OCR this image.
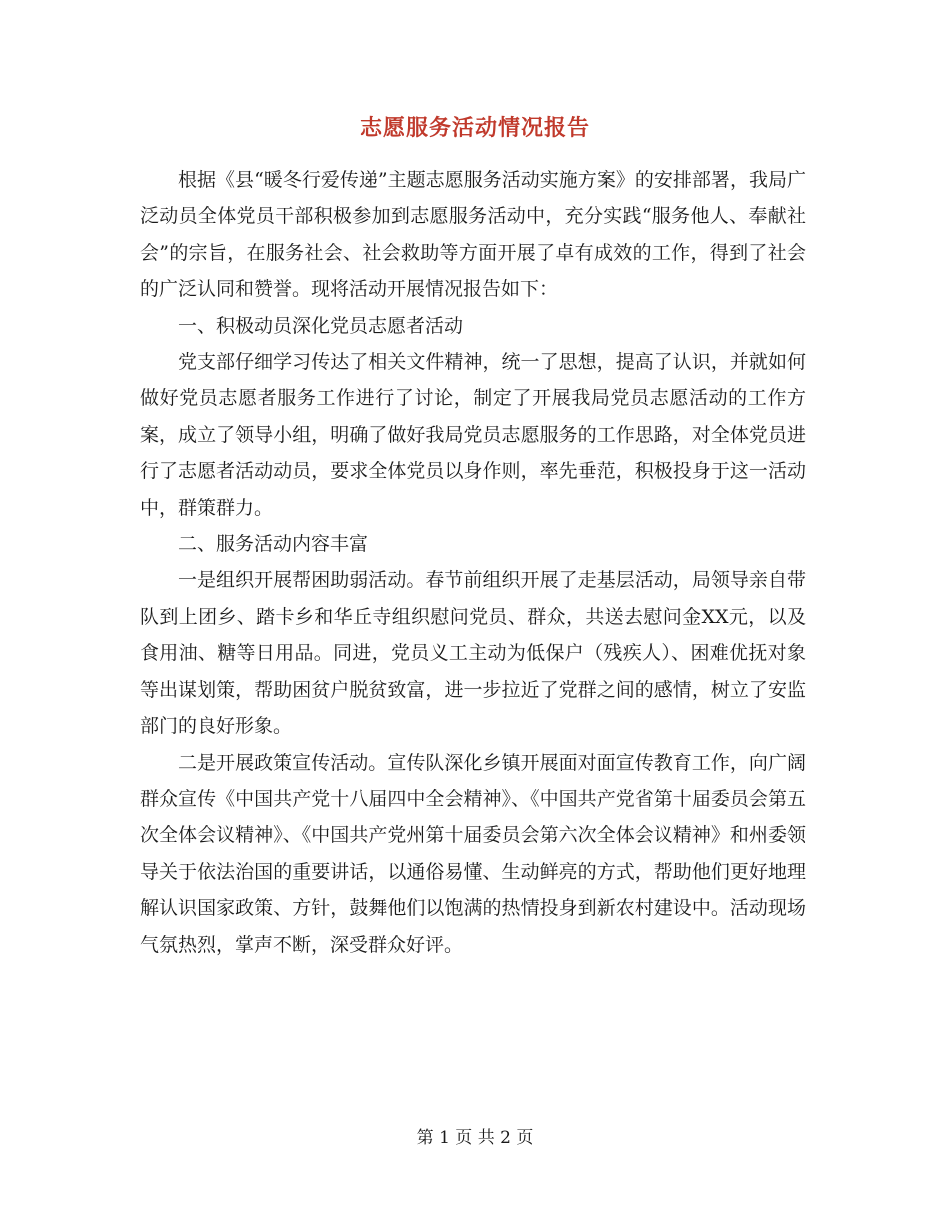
志愿服务活动情况报告

根据《县“暖冬行爱传递”主题志愿服务活动实施方案》的安排部署，我局广泛动员全体党员干部积极参加到志愿服务活动中，充分实践“服务他人、奉献社会”的宗旨，在服务社会、社会救助等方面开展了卓有成效的工作，得到了社会的广泛认同和赞誉。现将活动开展情况报告如下：

一、积极动员深化党员志愿者活动

党支部仔细学习传达了相关文件精神，统一了思想，提高了认识，并就如何做好党员志愿者服务工作进行了讨论，制定了开展我局党员志愿活动的工作方案，成立了领导小组，明确了做好我局党员志愿服务的工作思路，对全体党员进行了志愿者活动动员，要求全体党员以身作则，率先垂范，积极投身于这一活动中，群策群力。

二、服务活动内容丰富

一是组织开展帮困助弱活动。春节前组织开展了走基层活动，局领导亲自带队到上团乡、踏卡乡和华丘寺组织慰问党员、群众，共送去慰问金XX元，以及食用油、糖等日用品。同进，党员义工主动为低保户（残疾人）、困难优抚对象等出谋划策，帮助困贫户脱贫致富，进一步拉近了党群之间的感情，树立了安监部门的良好形象。

二是开展政策宣传活动。宣传队深化乡镇开展面对面宣传教育工作，向广阔群众宣传《中国共产党十八届四中全会精神》、《中国共产党省第十届委员会第五次全体会议精神》、《中国共产党州第十届委员会第六次全体会议精神》和州委领导关于依法治国的重要讲话，以通俗易懂、生动鲜亮的方式，帮助他们更好地理解认识国家政策、方针，鼓舞他们以饱满的热情投身到新农村建设中。活动现场气氛热烈，掌声不断，深受群众好评。

第 1 页 共 2 页
